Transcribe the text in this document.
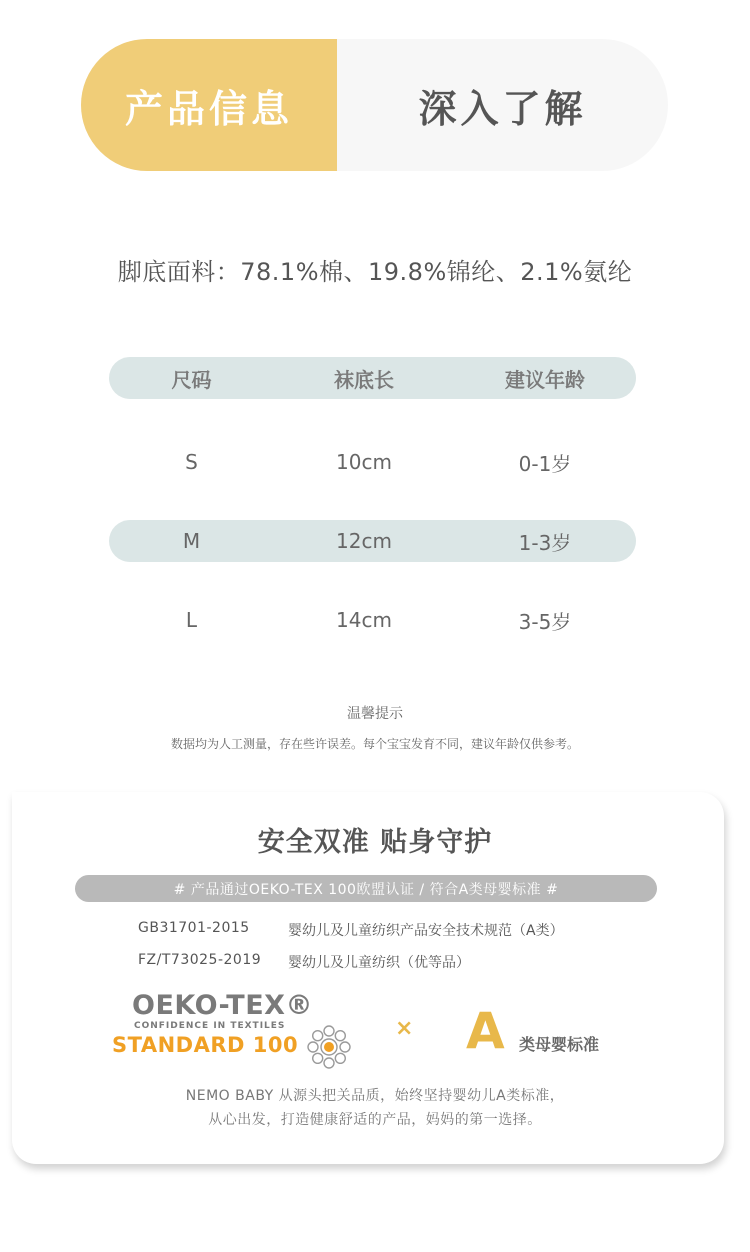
产品信息	深入了解
脚底面料：78.1%棉、19.8%锦纶、2.1%氨纶
尺码	袜底长	建议年龄
S	10cm	0-1岁
M	12cm	1-3岁
L	14cm	3-5岁
温馨提示
数据均为人工测量，存在些许误差。每个宝宝发育不同，建议年龄仅供参考。
安全双准 贴身守护
# 产品通过OEKO-TEX 100欧盟认证 / 符合A类母婴标准 #
GB31701-2015	婴幼儿及儿童纺织产品安全技术规范（A类）
FZ/T73025-2019	婴幼儿及儿童纺织（优等品）
OEKO-TEX®
CONFIDENCE IN TEXTILES
STANDARD 100
× A 类母婴标准
NEMO BABY 从源头把关品质，始终坚持婴幼儿A类标准，
从心出发，打造健康舒适的产品，妈妈的第一选择。
